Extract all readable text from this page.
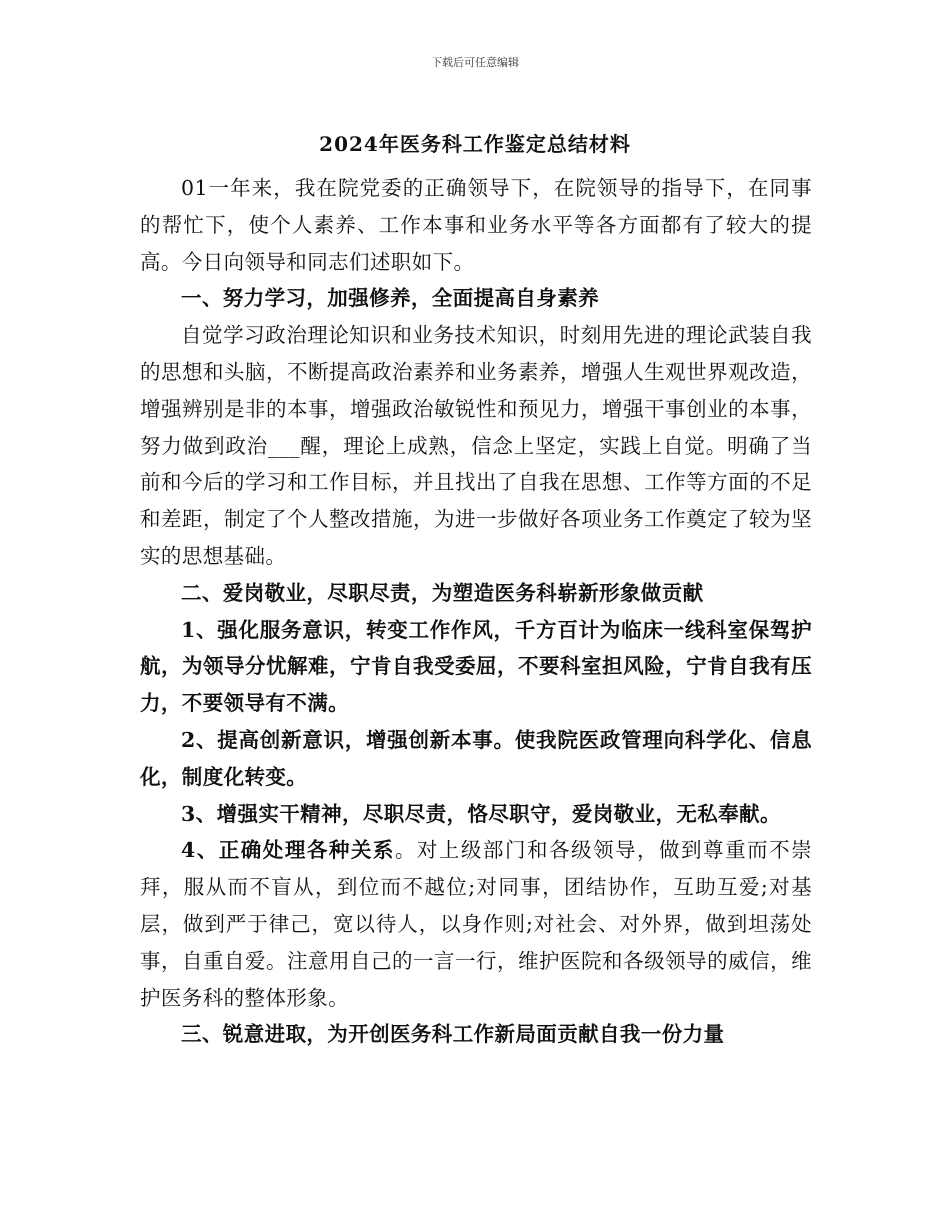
下载后可任意编辑
2024年医务科工作鉴定总结材料

01一年来，我在院党委的正确领导下，在院领导的指导下，在同事的帮忙下，使个人素养、工作本事和业务水平等各方面都有了较大的提高。今日向领导和同志们述职如下。

一、努力学习，加强修养，全面提高自身素养

自觉学习政治理论知识和业务技术知识，时刻用先进的理论武装自我的思想和头脑，不断提高政治素养和业务素养，增强人生观世界观改造，增强辨别是非的本事，增强政治敏锐性和预见力，增强干事创业的本事，努力做到政治___醒，理论上成熟，信念上坚定，实践上自觉。明确了当前和今后的学习和工作目标，并且找出了自我在思想、工作等方面的不足和差距，制定了个人整改措施，为进一步做好各项业务工作奠定了较为坚实的思想基础。

二、爱岗敬业，尽职尽责，为塑造医务科崭新形象做贡献

1、强化服务意识，转变工作作风，千方百计为临床一线科室保驾护航，为领导分忧解难，宁肯自我受委屈，不要科室担风险，宁肯自我有压力，不要领导有不满。

2、提高创新意识，增强创新本事。使我院医政管理向科学化、信息化，制度化转变。

3、增强实干精神，尽职尽责，恪尽职守，爱岗敬业，无私奉献。

4、正确处理各种关系。对上级部门和各级领导，做到尊重而不崇拜，服从而不盲从，到位而不越位;对同事，团结协作，互助互爱;对基层，做到严于律己，宽以待人，以身作则;对社会、对外界，做到坦荡处事，自重自爱。注意用自己的一言一行，维护医院和各级领导的威信，维护医务科的整体形象。

三、锐意进取，为开创医务科工作新局面贡献自我一份力量
